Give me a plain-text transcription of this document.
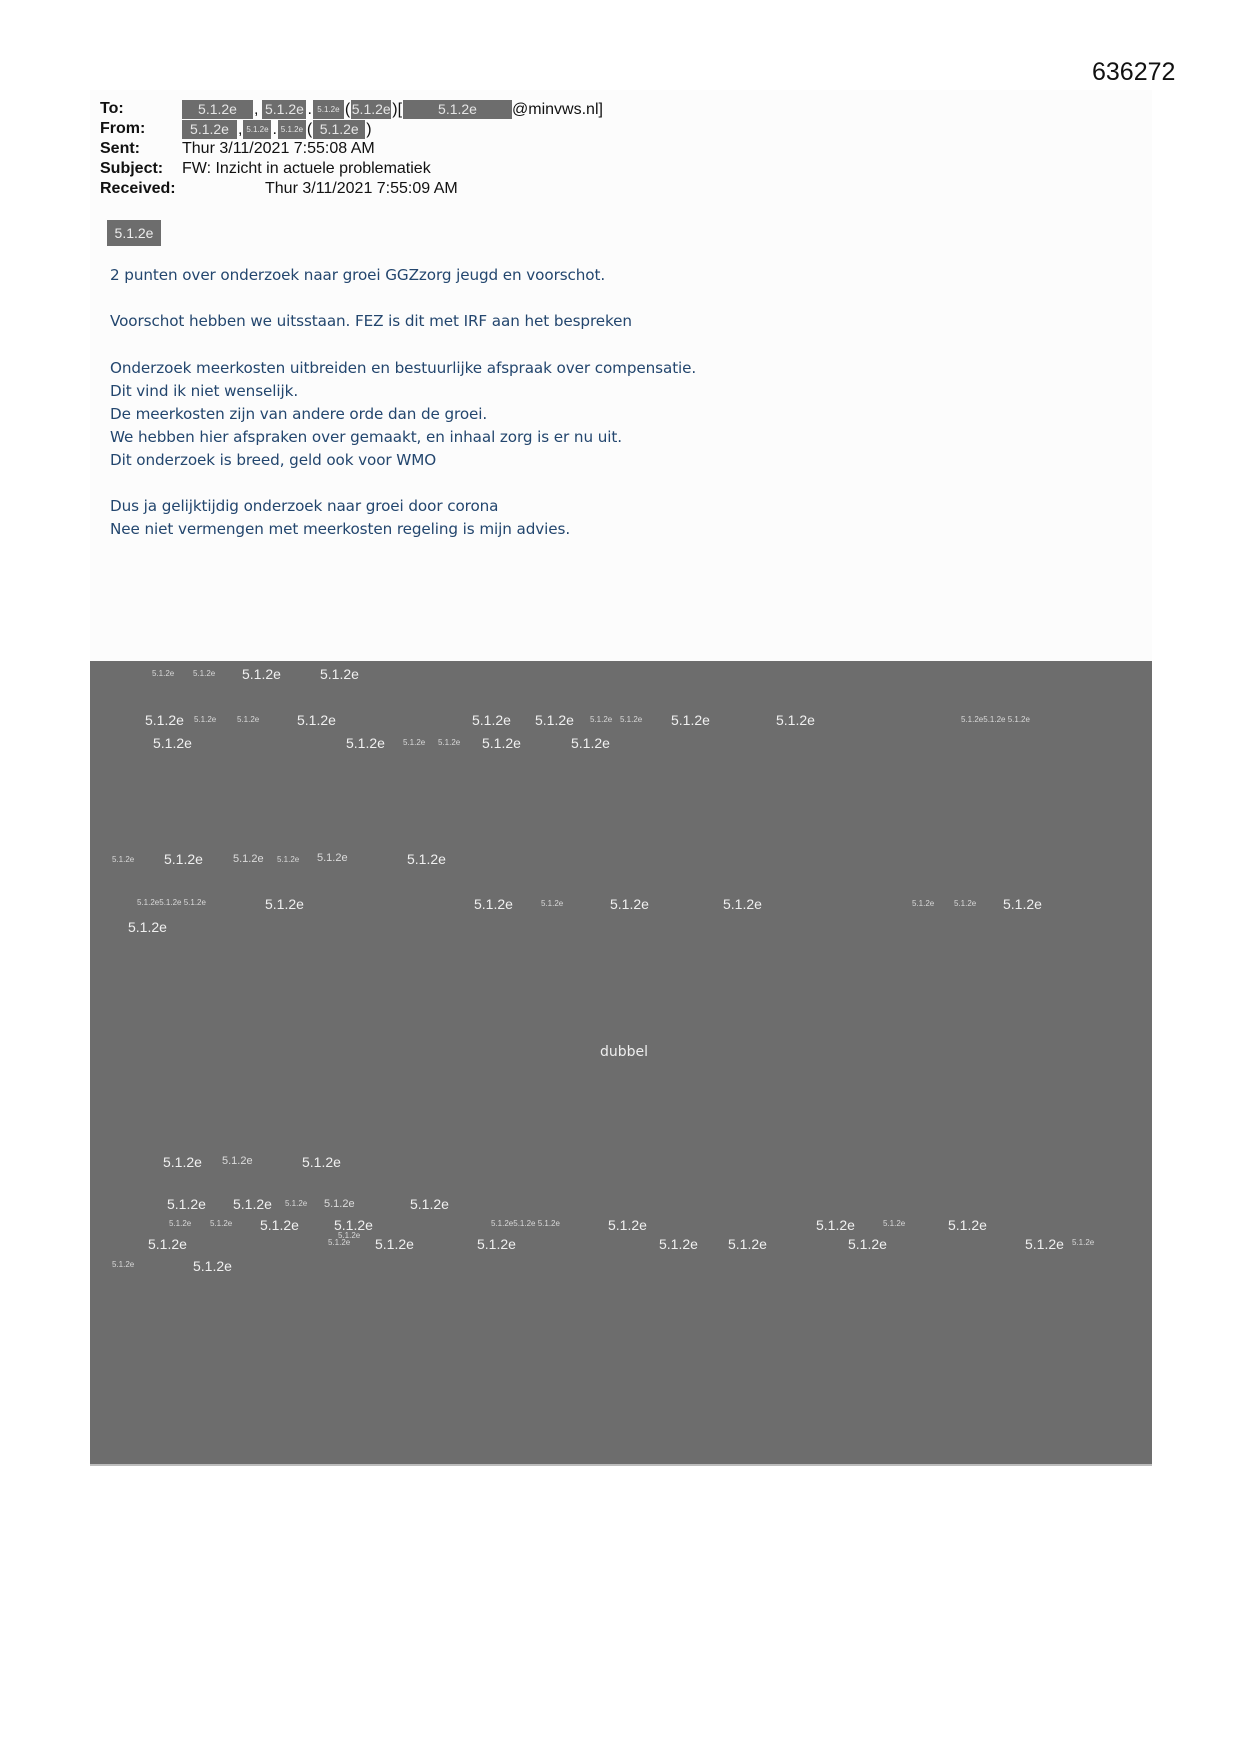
636272
To:	5.1.2e	, 5.1.2e . 5.1.2e ( 5.1.2e )[	5.1.2e	@minvws.nl]
From:	5.1.2e , 5.1.2e . 5.1.2e ( 5.1.2e )
Sent:	Thur 3/11/2021 7:55:08 AM
Subject: FW: Inzicht in actuele problematiek
Received:	Thur 3/11/2021 7:55:09 AM
5.1.2e
2 punten over onderzoek naar groei GGZzorg jeugd en voorschot.
Voorschot hebben we uitsstaan. FEZ is dit met IRF aan het bespreken
Onderzoek meerkosten uitbreiden en bestuurlijke afspraak over compensatie.
Dit vind ik niet wenselijk.
De meerkosten zijn van andere orde dan de groei.
We hebben hier afspraken over gemaakt, en inhaal zorg is er nu uit.
Dit onderzoek is breed, geld ook voor WMO
Dus ja gelijktijdig onderzoek naar groei door corona
Nee niet vermengen met meerkosten regeling is mijn advies.
dubbel
5.1.2e 5.1.2e 5.1.2e	5.1.2e
5.1.2e 5.1.2e	5.1.2e	5.1.2e	5.1.2e 5.1.2e 5.1.2e 5.1.2e 5.1.2e	5.1.2e	5.1.2e5.1.2e 5.1.2e
5.1.2e	5.1.2e 5.1.2e 5.1.2e 5.1.2e	5.1.2e
5.1.2e 5.1.2e	5.1.2e 5.1.2e 5.1.2e	5.1.2e
5.1.2e5.1.2e 5.1.2e	5.1.2e	5.1.2e	5.1.2e	5.1.2e	5.1.2e	5.1.2e 5.1.2e 5.1.2e
5.1.2e
5.1.2e 5.1.2e	5.1.2e
5.1.2e 5.1.2e 5.1.2e 5.1.2e	5.1.2e
5.1.2e 5.1.2e 5.1.2e	5.1.2e	5.1.2e5.1.2e 5.1.2e	5.1.2e	5.1.2e	5.1.2e	5.1.2e
5.1.2e
5.1.2e	5.1.2e 5.1.2e	5.1.2e	5.1.2e 5.1.2e	5.1.2e	5.1.2e 5.1.2e
5.1.2e	5.1.2e
